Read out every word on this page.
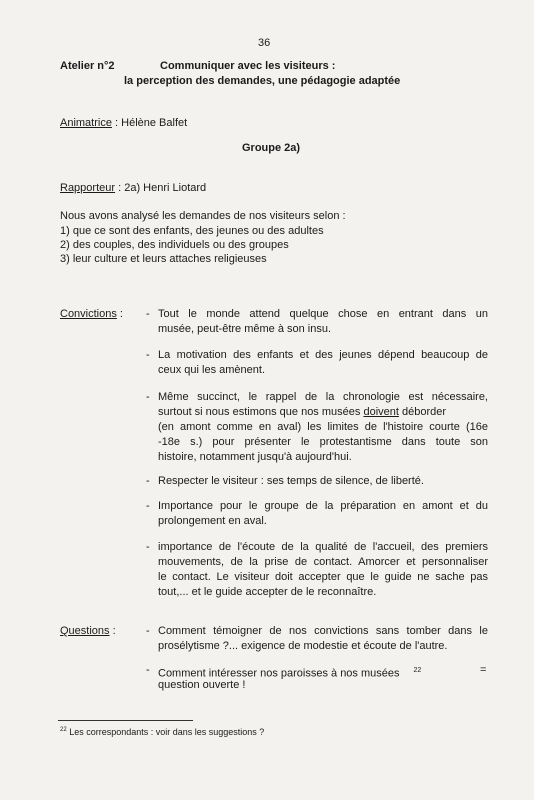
36
Atelier n°2	Communiquer avec les visiteurs :
la perception des demandes, une pédagogie adaptée
Animatrice : Hélène Balfet
Groupe 2a)
Rapporteur : 2a) Henri Liotard
Nous avons analysé les demandes de nos visiteurs selon :
1) que ce sont des enfants, des jeunes ou des adultes
2) des couples, des individuels ou des groupes
3) leur culture et leurs attaches religieuses
Convictions : - Tout le monde attend quelque chose en entrant dans un
musée, peut-être même à son insu.
- La motivation des enfants et des jeunes dépend beaucoup de
ceux qui les amènent.
- Même succinct, le rappel de la chronologie est nécessaire,
surtout si nous estimons que nos musées doivent déborder
(en amont comme en aval) les limites de l'histoire courte (16e
-18e s.) pour présenter le protestantisme dans toute son
histoire, notamment jusqu'à aujourd'hui.
- Respecter le visiteur : ses temps de silence, de liberté.
- Importance pour le groupe de la préparation en amont et du
prolongement en aval.
- importance de l'écoute de la qualité de l'accueil, des premiers
mouvements, de la prise de contact. Amorcer et personnaliser
le contact. Le visiteur doit accepter que le guide ne sache pas
tout,... et le guide accepter de le reconnaître.
Questions :	- Comment témoigner de nos convictions sans tomber dans le
prosélytisme ?... exigence de modestie et écoute de l'autre.
- Comment intéresser nos paroisses à nos musées $^{22}$	=
question ouverte !
$^{22}$ Les correspondants : voir dans les suggestions ?
